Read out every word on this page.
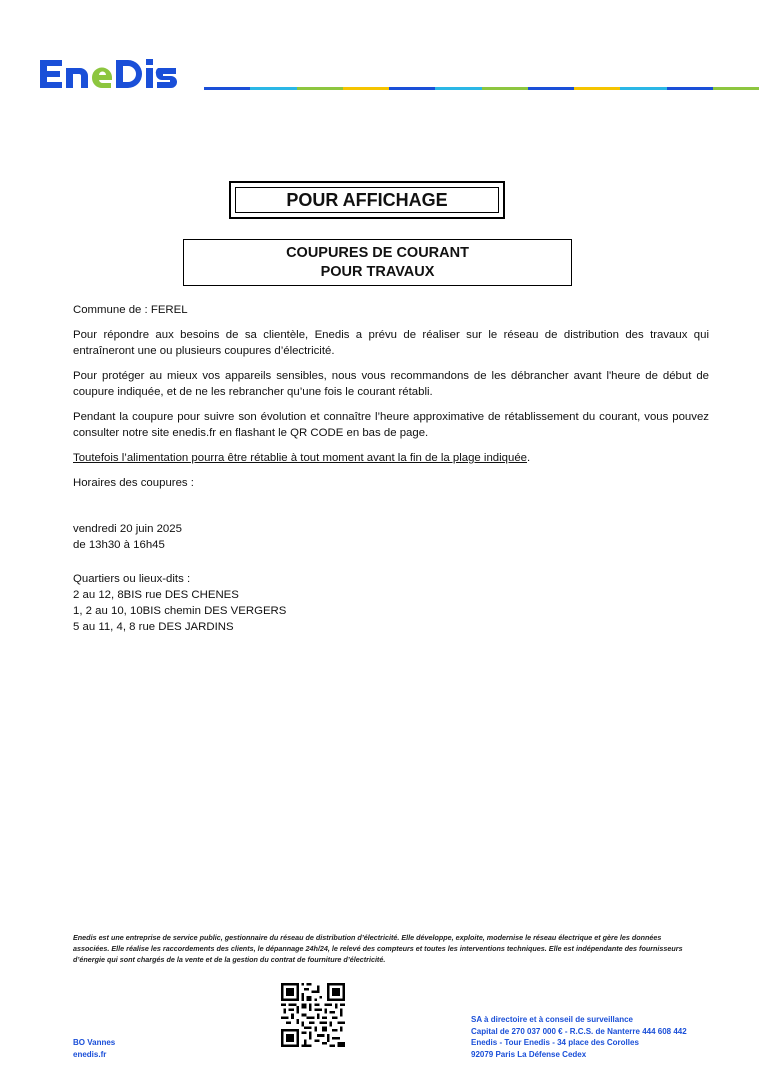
POUR AFFICHAGE
COUPURES DE COURANT
POUR TRAVAUX

Commune de : FEREL

Pour répondre aux besoins de sa clientèle, Enedis a prévu de réaliser sur le réseau de distribution des travaux qui entraîneront une ou plusieurs coupures d’électricité.

Pour protéger au mieux vos appareils sensibles, nous vous recommandons de les débrancher avant l'heure de début de coupure indiquée, et de ne les rebrancher qu’une fois le courant rétabli.

Pendant la coupure pour suivre son évolution et connaître l’heure approximative de rétablissement du courant, vous pouvez consulter notre site enedis.fr en flashant le QR CODE en bas de page.

Toutefois l’alimentation pourra être rétablie à tout moment avant la fin de la plage indiquée.

Horaires des coupures :

vendredi 20 juin 2025
de 13h30 à 16h45
Quartiers ou lieux-dits :
2 au 12, 8BIS rue DES CHENES
1, 2 au 10, 10BIS chemin DES VERGERS
5 au 11, 4, 8 rue DES JARDINS
Enedis est une entreprise de service public, gestionnaire du réseau de distribution d’électricité. Elle développe, exploite, modernise le réseau électrique et gère les données associées. Elle réalise les raccordements des clients, le dépannage 24h/24, le relevé des compteurs et toutes les interventions techniques. Elle est indépendante des fournisseurs d’énergie qui sont chargés de la vente et de la gestion du contrat de fourniture d’électricité.
BO Vannes
enedis.fr
SA à directoire et à conseil de surveillance
Capital de 270 037 000 € - R.C.S. de Nanterre 444 608 442
Enedis - Tour Enedis - 34 place des Corolles
92079 Paris La Défense Cedex
